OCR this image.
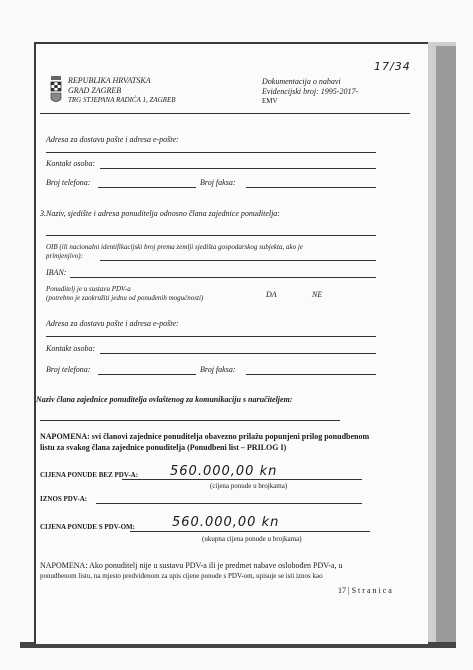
REPUBLIKA HRVATSKA
GRAD ZAGREB
TRG STJEPANA RADIĆA 1, ZAGREB
Dokumentacija o nabavi
Evidencijski broj: 1995-2017-
EMV
17/34
Adresa za dostavu pošte i adresa e-pošte:
Kontakt osoba:
Broj telefona:	Broj faksa:
3.Naziv, sjedište i adresa ponuditelja odnosno člana zajednice ponuditelja:
OIB (ili nacionalni identifikacijski broj prema zemlji sjedišta gospodarskog subjekta, ako je
primjenjivo):
IBAN:
Ponuditelj je u sustavu PDV-a
(potrebno je zaokružiti jednu od ponuđenih mogućnosti)	DA	NE
Adresa za dostavu pošte i adresa e-pošte:
Kontakt osoba:
Broj telefona:	Broj faksa:
Naziv člana zajednice ponuditelja ovlaštenog za komunikaciju s naručiteljem:
NAPOMENA: svi članovi zajednice ponuditelja obavezno prilažu popunjeni prilog ponudbenom
listu za svakog člana zajednice ponuditelja (Ponudbeni list – PRILOG I)
CIJENA PONUDE BEZ PDV-A: 560.000,00 kn
(cijena ponude u brojkama)
IZNOS PDV-A:
CIJENA PONUDE S PDV-OM:	560.000,00 kn
(ukupna cijena ponude u brojkama)
NAPOMENA: Ako ponuditelj nije u sustavu PDV-a ili je predmet nabave oslobođen PDV-a, u
ponudbenom listu, na mjesto predviđenom za upis cijene ponude s PDV-om, upisuje se isti iznos kao
17 | S t r a n i c a
